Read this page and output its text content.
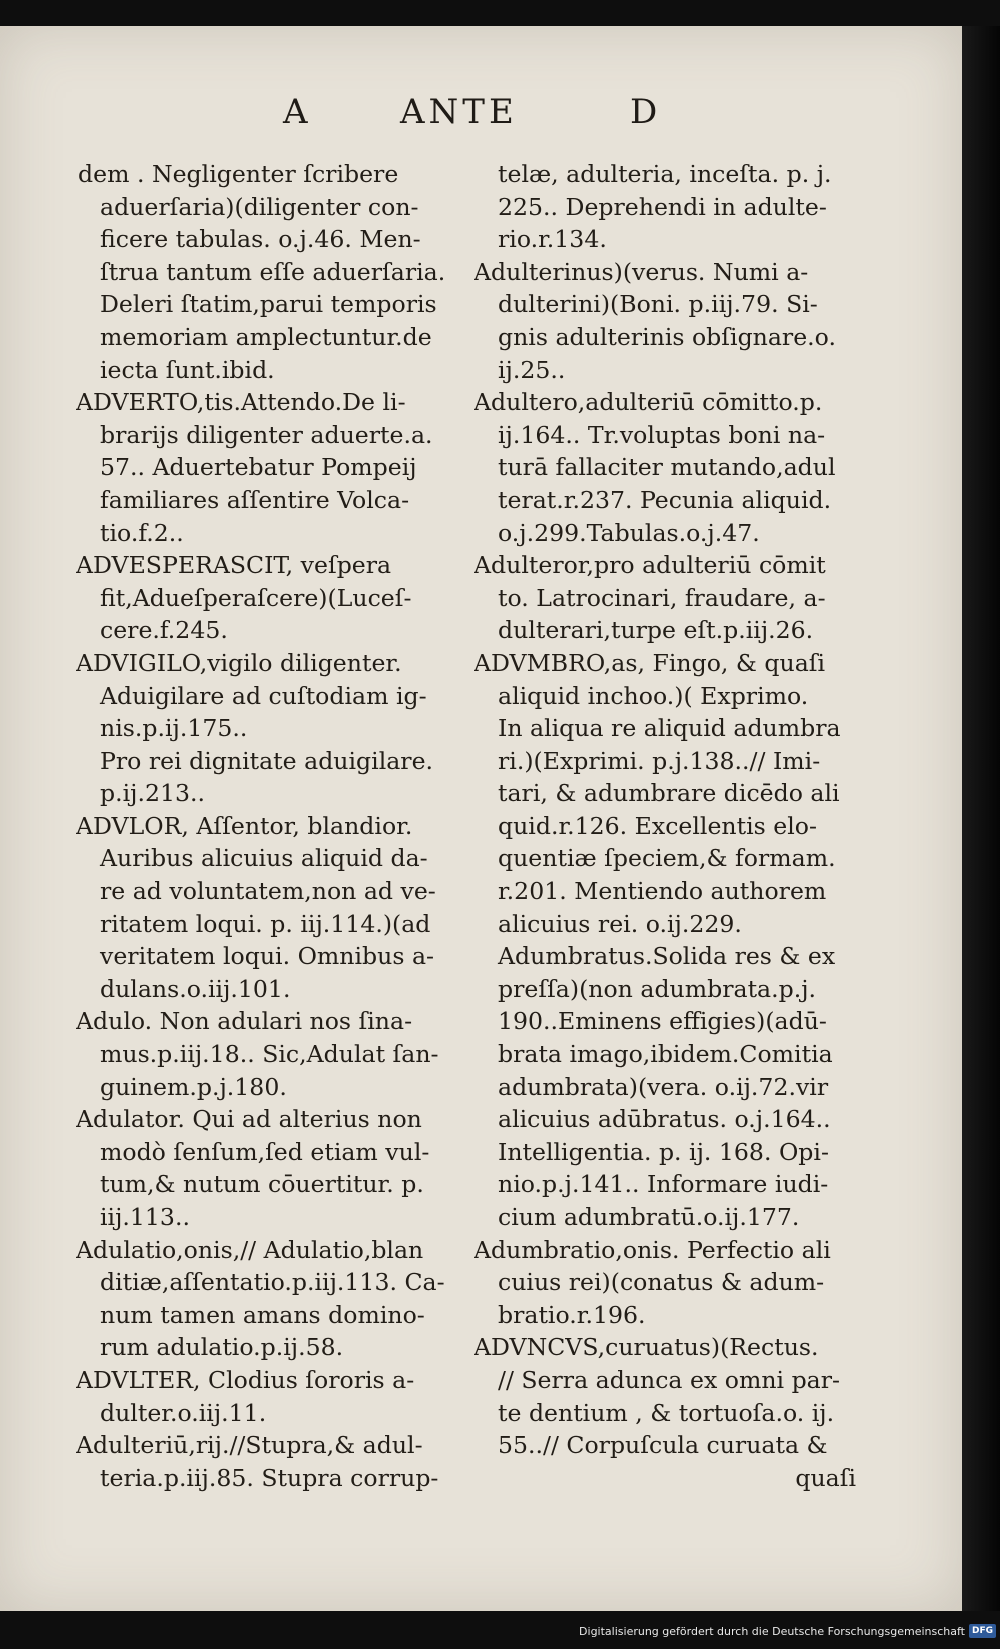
A	ANTE	D
dem . Negligenter ſcribere
aduerſaria)(diligenter con-
ficere tabulas. o.j.46. Men-
ſtrua tantum eſſe aduerſaria.
Deleri ſtatim,parui temporis
memoriam amplectuntur.de
iecta ſunt.ibid.
ADVERTO,tis.Attendo.De li-
brarijs diligenter aduerte.a.
57.. Aduertebatur Pompeij
familiares aſſentire Volca-
tio.f.2..
ADVESPERASCIT, veſpera
fit,Adueſperaſcere)(Luceſ-
cere.f.245.
ADVIGILO,vigilo diligenter.
Aduigilare ad cuſtodiam ig-
nis.p.ij.175..
Pro rei dignitate aduigilare.
p.ij.213..
ADVLOR, Aſſentor, blandior.
Auribus alicuius aliquid da-
re ad voluntatem,non ad ve-
ritatem loqui. p. iij.114.)(ad
veritatem loqui. Omnibus a-
dulans.o.iij.101.
Adulo. Non adulari nos ſina-
mus.p.iij.18.. Sic,Adulat ſan-
guinem.p.j.180.
Adulator. Qui ad alterius non
modò ſenſum,ſed etiam vul-
tum,& nutum cōuertitur. p.
iij.113..
Adulatio,onis,// Adulatio,blan
ditiæ,aſſentatio.p.iij.113. Ca-
num tamen amans domino-
rum adulatio.p.ij.58.
ADVLTER, Clodius ſororis a-
dulter.o.iij.11.
Adulteriū,rij.//Stupra,& adul-
teria.p.iij.85. Stupra corrup-
telæ, adulteria, inceſta. p. j.
225.. Deprehendi in adulte-
rio.r.134.
Adulterinus)(verus. Numi a-
dulterini)(Boni. p.iij.79. Si-
gnis adulterinis obſignare.o.
ij.25..
Adultero,adulteriū cōmitto.p.
ij.164.. Tr.voluptas boni na-
turā fallaciter mutando,adul
terat.r.237. Pecunia aliquid.
o.j.299.Tabulas.o.j.47.
Adulteror,pro adulteriū cōmit
to. Latrocinari, fraudare, a-
dulterari,turpe eſt.p.iij.26.
ADVMBRO,as, Fingo, & quaſi
aliquid inchoo.)( Exprimo.
In aliqua re aliquid adumbra
ri.)(Exprimi. p.j.138..// Imi-
tari, & adumbrare dicēdo ali
quid.r.126. Excellentis elo-
quentiæ ſpeciem,& formam.
r.201. Mentiendo authorem
alicuius rei. o.ij.229.
Adumbratus.Solida res & ex
preſſa)(non adumbrata.p.j.
190..Eminens effigies)(adū-
brata imago,ibidem.Comitia
adumbrata)(vera. o.ij.72.vir
alicuius adūbratus. o.j.164..
Intelligentia. p. ij. 168. Opi-
nio.p.j.141.. Informare iudi-
cium adumbratū.o.ij.177.
Adumbratio,onis. Perfectio ali
cuius rei)(conatus & adum-
bratio.r.196.
ADVNCVS,curuatus)(Rectus.
// Serra adunca ex omni par-
te dentium , & tortuoſa.o. ij.
55..// Corpuſcula curuata &
quaſi
Digitalisierung gefördert durch die Deutsche Forschungsgemeinschaft DFG
